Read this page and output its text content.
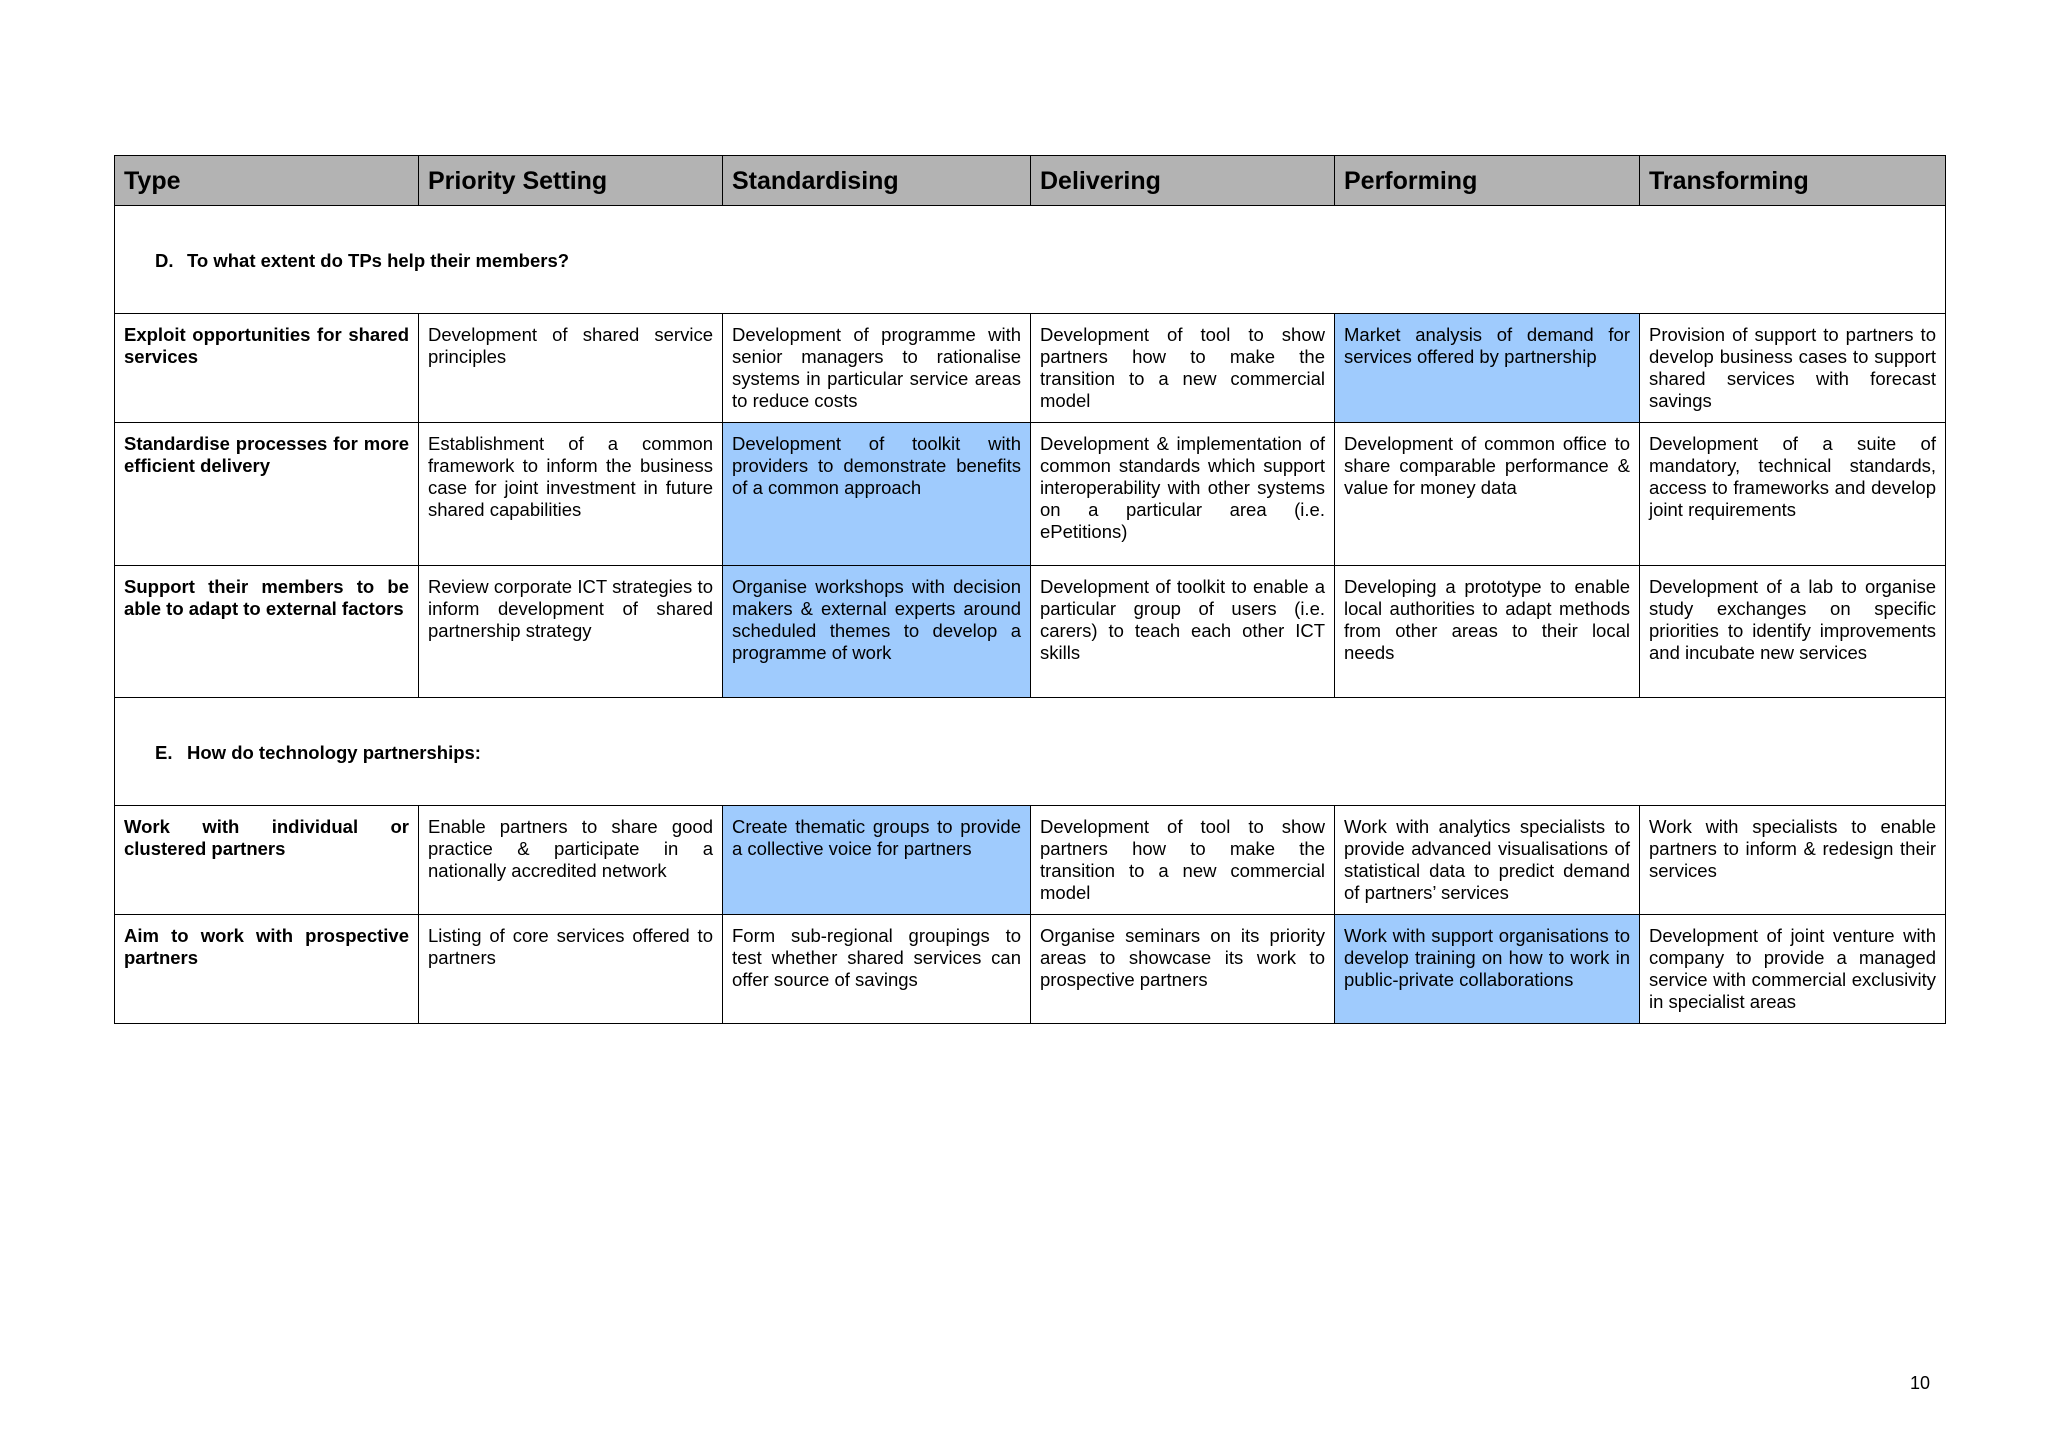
Type	Priority Setting	Standardising	Delivering	Performing	Transforming
D. To what extent do TPs help their members?					
Exploit opportunities for shared services	Development of shared service principles	Development of programme with senior managers to rationalise systems in particular service areas to reduce costs	Development of tool to show partners how to make the transition to a new commercial model	Market analysis of demand for services offered by partnership	Provision of support to partners to develop business cases to support shared services with forecast savings
Standardise processes for more efficient delivery	Establishment of a common framework to inform the business case for joint investment in future shared capabilities	Development of toolkit with providers to demonstrate benefits of a common approach	Development & implementation of common standards which support interoperability with other systems on a particular area (i.e. ePetitions)	Development of common office to share comparable performance & value for money data	Development of a suite of mandatory, technical standards, access to frameworks and develop joint requirements
Support their members to be able to adapt to external factors	Review corporate ICT strategies to inform development of shared partnership strategy	Organise workshops with decision makers & external experts around scheduled themes to develop a programme of work	Development of toolkit to enable a particular group of users (i.e. carers) to teach each other ICT skills	Developing a prototype to enable local authorities to adapt methods from other areas to their local needs	Development of a lab to organise study exchanges on specific priorities to identify improvements and incubate new services
E. How do technology partnerships:					
Work with individual or clustered partners	Enable partners to share good practice & participate in a nationally accredited network	Create thematic groups to provide a collective voice for partners	Development of tool to show partners how to make the transition to a new commercial model	Work with analytics specialists to provide advanced visualisations of statistical data to predict demand of partners’ services	Work with specialists to enable partners to inform & redesign their services
Aim to work with prospective partners	Listing of core services offered to partners	Form sub-regional groupings to test whether shared services can offer source of savings	Organise seminars on its priority areas to showcase its work to prospective partners	Work with support organisations to develop training on how to work in public-private collaborations	Development of joint venture with company to provide a managed service with commercial exclusivity in specialist areas
10
